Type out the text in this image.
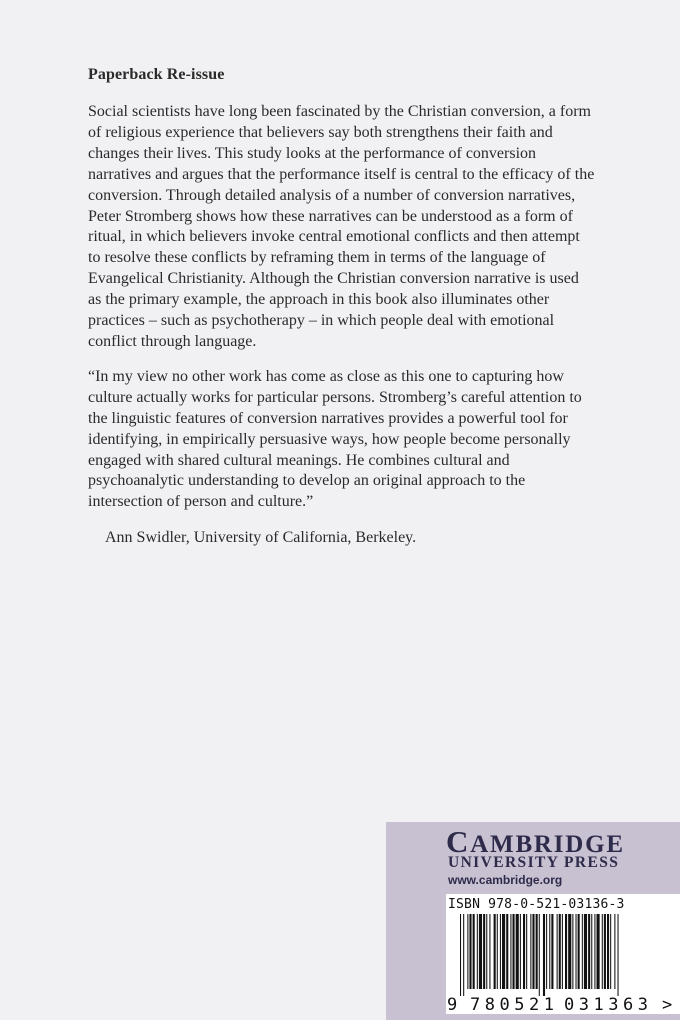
Paperback Re-issue

Social scientists have long been fascinated by the Christian conversion, a form of religious experience that believers say both strengthens their faith and changes their lives. This study looks at the performance of conversion narratives and argues that the performance itself is central to the efficacy of the conversion. Through detailed analysis of a number of conversion narratives, Peter Stromberg shows how these narratives can be understood as a form of ritual, in which believers invoke central emotional conflicts and then attempt to resolve these conflicts by reframing them in terms of the language of Evangelical Christianity. Although the Christian conversion narrative is used as the primary example, the approach in this book also illuminates other practices – such as psychotherapy – in which people deal with emotional conflict through language.

“In my view no other work has come as close as this one to capturing how culture actually works for particular persons. Stromberg’s careful attention to the linguistic features of conversion narratives provides a powerful tool for identifying, in empirically persuasive ways, how people become personally engaged with shared cultural meanings. He combines cultural and psychoanalytic understanding to develop an original approach to the intersection of person and culture.”

Ann Swidler, University of California, Berkeley.

CAMBRIDGE
UNIVERSITY PRESS
www.cambridge.org
ISBN 978-0-521-03136-3
9 780521 031363 >
